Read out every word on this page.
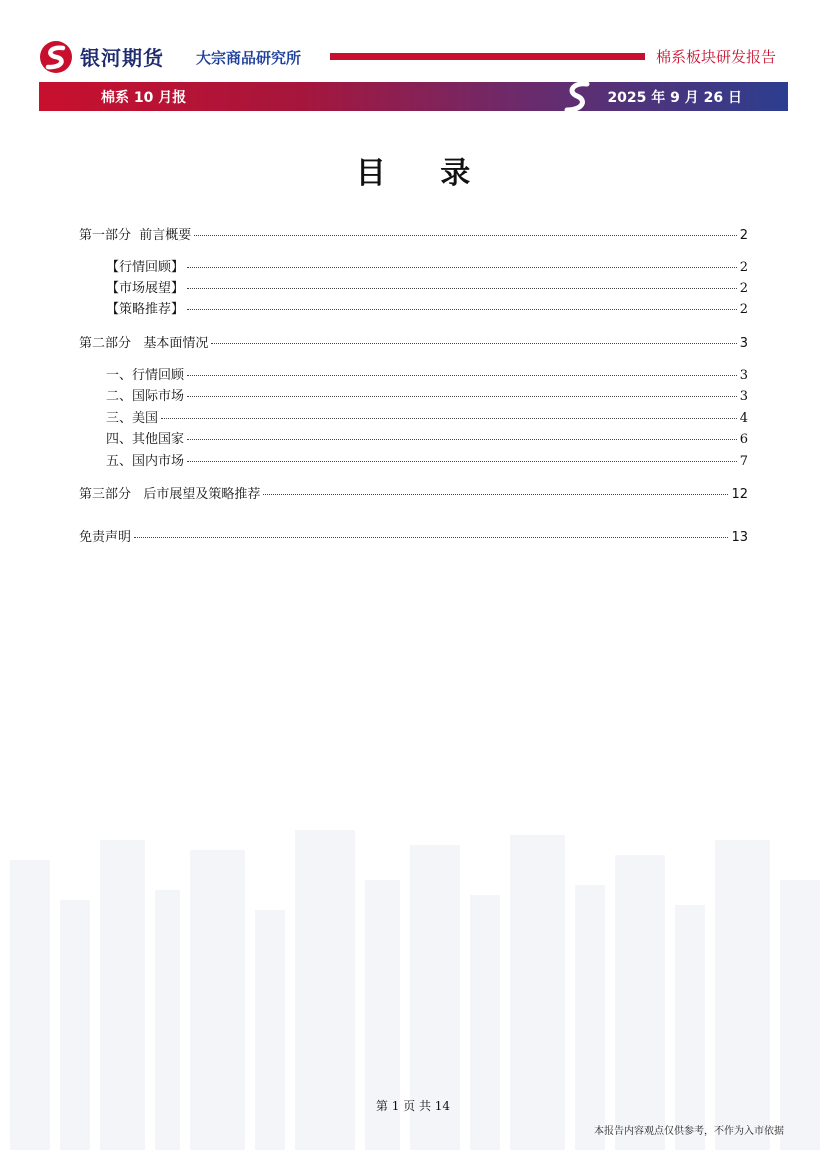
银河期货 大宗商品研究所	棉系板块研发报告
棉系 10 月报	2025 年 9 月 26 日
目 录
第一部分  前言概要	2
【行情回顾】	2
【市场展望】	2
【策略推荐】	2
第二部分   基本面情况	3
一、行情回顾	3
二、国际市场	3
三、美国	4
四、其他国家	6
五、国内市场	7
第三部分   后市展望及策略推荐	12
免责声明	13
第 1 页 共 14
本报告内容观点仅供参考，不作为入市依据
